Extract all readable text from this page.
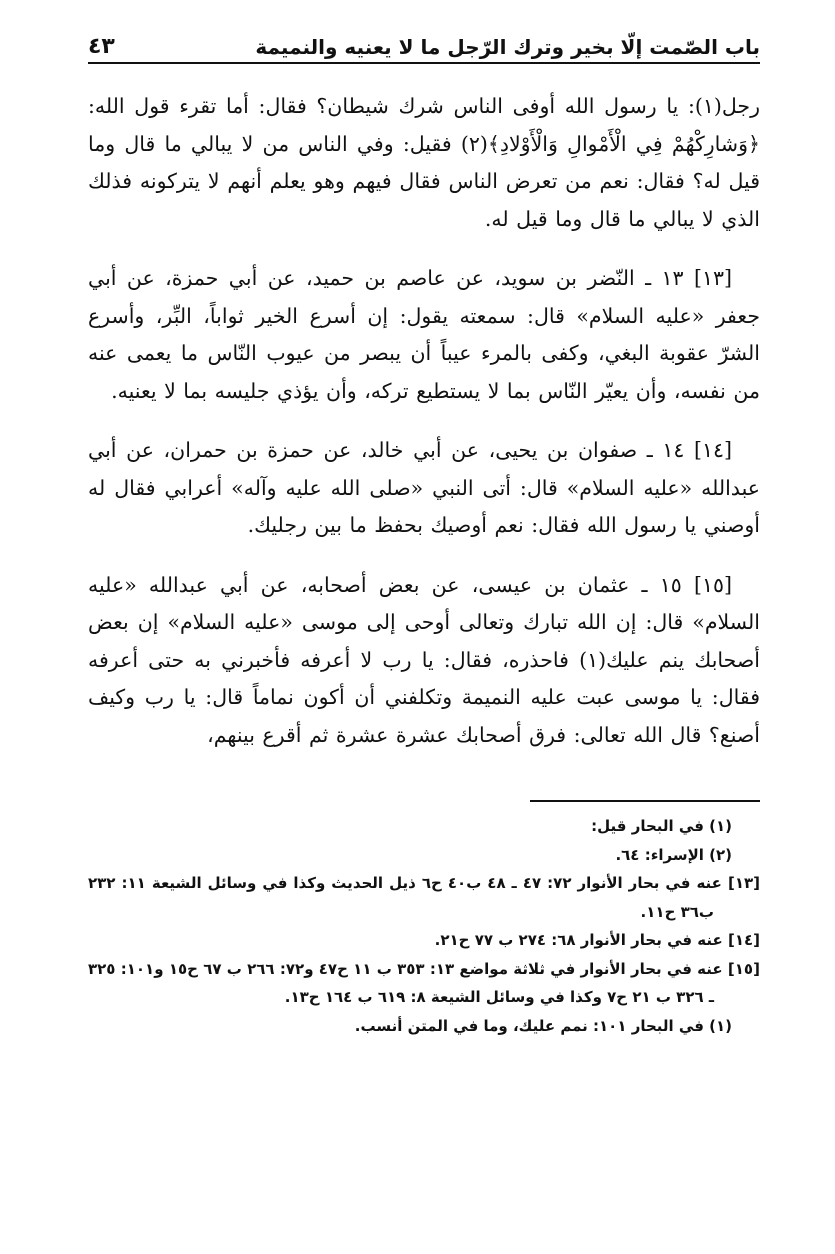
باب الصّمت إلّا بخير وترك الرّجل ما لا يعنيه والنميمة
٤٣

رجل(١): يا رسول الله أوفى الناس شرك شيطان؟ فقال: أما تقرء قول الله: ﴿وَشارِكْهُمْ فِي الْأَمْوالِ وَالْأَوْلادِ﴾(٢) فقيل: وفي الناس من لا يبالي ما قال وما قيل له؟ فقال: نعم من تعرض الناس فقال فيهم وهو يعلم أنهم لا يتركونه فذلك الذي لا يبالي ما قال وما قيل له.

[١٣] ١٣ ـ النّضر بن سويد، عن عاصم بن حميد، عن أبي حمزة، عن أبي جعفر «عليه السلام» قال: سمعته يقول: إن أسرع الخير ثواباً، البِّر، وأسرع الشرّ عقوبة البغي، وكفى بالمرء عيباً أن يبصر من عيوب النّاس ما يعمى عنه من نفسه، وأن يعيّر النّاس بما لا يستطيع تركه، وأن يؤذي جليسه بما لا يعنيه.

[١٤] ١٤ ـ صفوان بن يحيى، عن أبي خالد، عن حمزة بن حمران، عن أبي عبدالله «عليه السلام» قال: أتى النبي «صلى الله عليه وآله» أعرابي فقال له أوصني يا رسول الله فقال: نعم أوصيك بحفظ ما بين رجليك.

[١٥] ١٥ ـ عثمان بن عيسى، عن بعض أصحابه، عن أبي عبدالله «عليه السلام» قال: إن الله تبارك وتعالى أوحى إلى موسى «عليه السلام» إن بعض أصحابك ينم عليك(١) فاحذره، فقال: يا رب لا أعرفه فأخبرني به حتى أعرفه فقال: يا موسى عبت عليه النميمة وتكلفني أن أكون نماماً قال: يا رب وكيف أصنع؟ قال الله تعالى: فرق أصحابك عشرة عشرة ثم أقرع بينهم،

(١) في البحار قيل:

(٢) الإسراء: ٦٤.

[١٣] عنه في بحار الأنوار ٧٢: ٤٧ ـ ٤٨ ب٤٠ ح٦ ذيل الحديث وكذا في وسائل الشيعة ١١: ٢٣٢ ب٣٦ ح١١.

[١٤] عنه في بحار الأنوار ٦٨: ٢٧٤ ب ٧٧ ح٢١.

[١٥] عنه في بحار الأنوار في ثلاثة مواضع ١٣: ٣٥٣ ب ١١ ح٤٧ و٧٢: ٢٦٦ ب ٦٧ ح١٥ و١٠١: ٣٢٥ ـ ٣٢٦ ب ٢١ ح٧ وكذا في وسائل الشيعة ٨: ٦١٩ ب ١٦٤ ح١٣.

(١) في البحار ١٠١: نمم عليك، وما في المتن أنسب.
